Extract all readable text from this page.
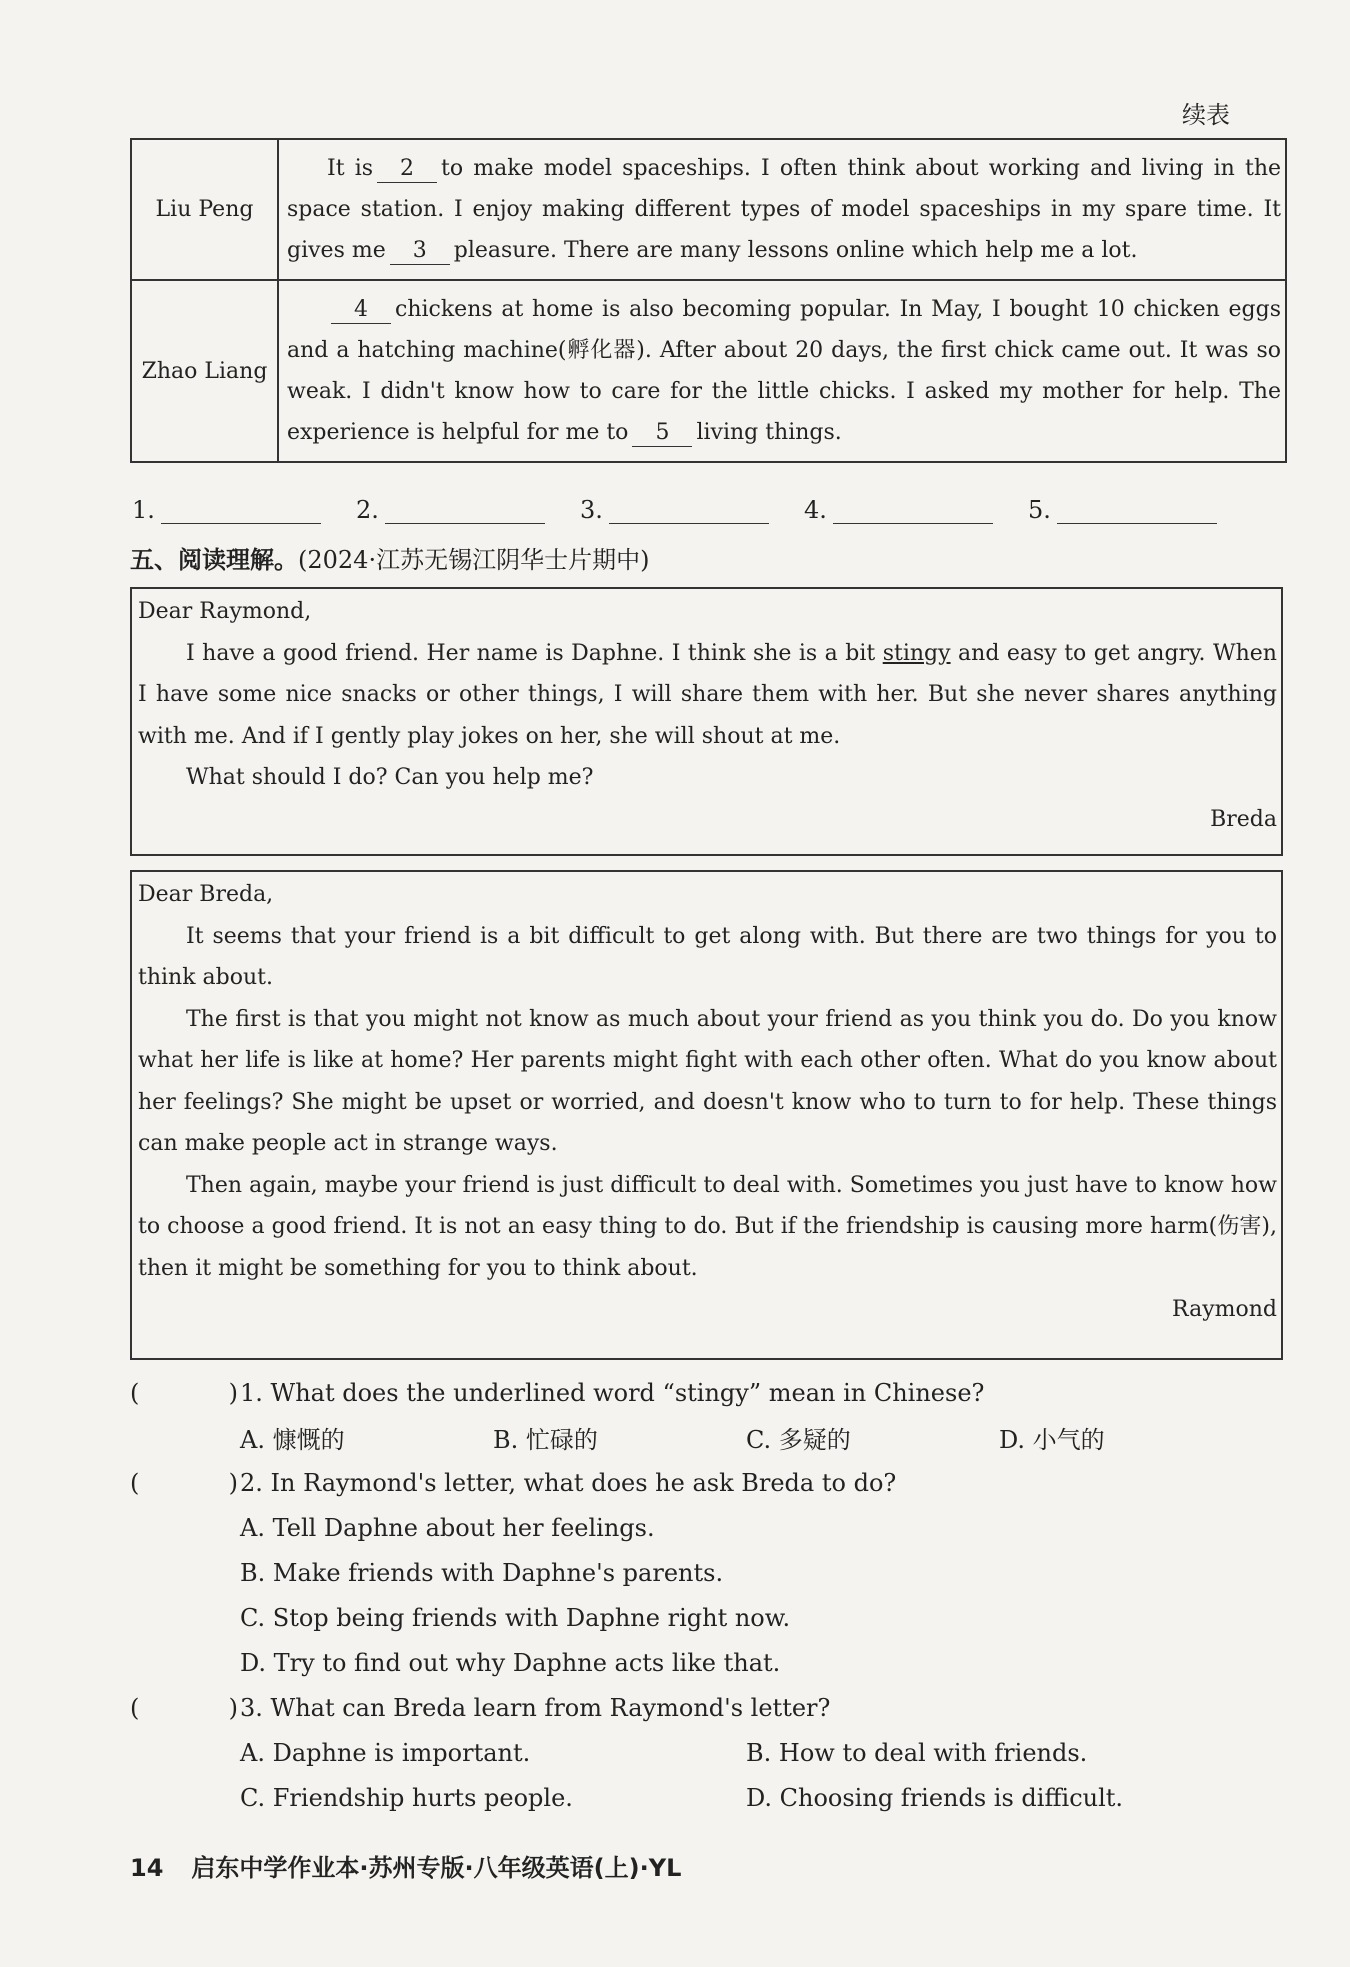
续表
Liu Peng	It is 2 to make model spaceships. I often think about working and living in the space station. I enjoy making different types of model spaceships in my spare time. It gives me 3 pleasure. There are many lessons online which help me a lot.
Zhao Liang	4 chickens at home is also becoming popular. In May, I bought 10 chicken eggs and a hatching machine(孵化器). After about 20 days, the first chick came out. It was so weak. I didn't know how to care for the little chicks. I asked my mother for help. The experience is helpful for me to 5 living things.
1.	2.	3.	4.	5.
五、阅读理解。(2024·江苏无锡江阴华士片期中)

Dear Raymond,

I have a good friend. Her name is Daphne. I think she is a bit stingy and easy to get angry. When I have some nice snacks or other things, I will share them with her. But she never shares anything with me. And if I gently play jokes on her, she will shout at me.

What should I do? Can you help me?

Breda

Dear Breda,

It seems that your friend is a bit difficult to get along with. But there are two things for you to think about.

The first is that you might not know as much about your friend as you think you do. Do you know what her life is like at home? Her parents might fight with each other often. What do you know about her feelings? She might be upset or worried, and doesn't know who to turn to for help. These things can make people act in strange ways.

Then again, maybe your friend is just difficult to deal with. Sometimes you just have to know how to choose a good friend. It is not an easy thing to do. But if the friendship is causing more harm(伤害), then it might be something for you to think about.

Raymond

(	) 1. What does the underlined word “stingy” mean in Chinese?
A. 慷慨的	B. 忙碌的	C. 多疑的	D. 小气的
(	) 2. In Raymond's letter, what does he ask Breda to do?
A. Tell Daphne about her feelings.
B. Make friends with Daphne's parents.
C. Stop being friends with Daphne right now.
D. Try to find out why Daphne acts like that.
(	) 3. What can Breda learn from Raymond's letter?
A. Daphne is important.	B. How to deal with friends.
C. Friendship hurts people.	D. Choosing friends is difficult.
14 启东中学作业本·苏州专版·八年级英语(上)·YL
